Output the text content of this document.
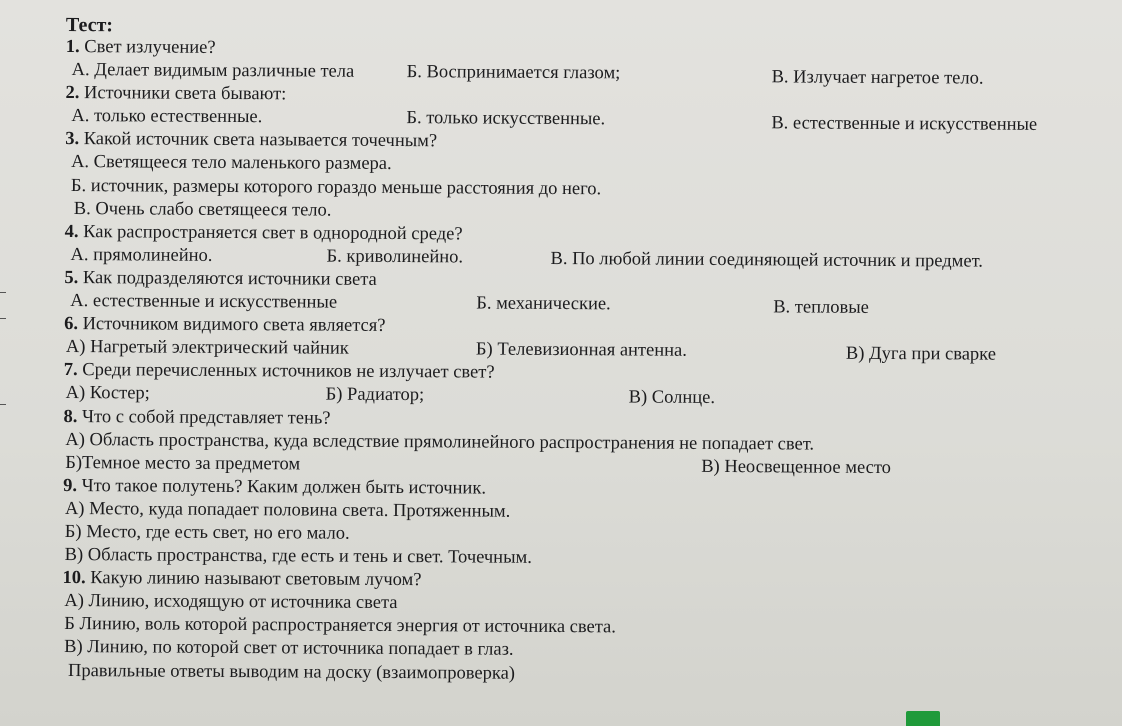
Тест:
1. Свет излучение?
А. Делает видимым различные тела	Б. Воспринимается глазом;	В. Излучает нагретое тело.
2. Источники света бывают:
А. только естественные.	Б. только искусственные.	В. естественные и искусственные
3. Какой источник света называется точечным?
А. Светящееся тело маленького размера.
Б. источник, размеры которого гораздо меньше расстояния до него.
В. Очень слабо светящееся тело.
4. Как распространяется свет в однородной среде?
А. прямолинейно.	Б. криволинейно.	В. По любой линии соединяющей источник и предмет.
5. Как подразделяются источники света
А. естественные и искусственные	Б. механические.	В. тепловые
6. Источником видимого света является?
А) Нагретый электрический чайник	Б) Телевизионная антенна.	В) Дуга при сварке
7. Среди перечисленных источников не излучает свет?
А) Костер;	Б) Радиатор;	В) Солнце.
8. Что с собой представляет тень?
А) Область пространства, куда вследствие прямолинейного распространения не попадает свет.
Б)Темное место за предметом	В) Неосвещенное место
9. Что такое полутень? Каким должен быть источник.
А) Место, куда попадает половина света. Протяженным.
Б) Место, где есть свет, но его мало.
В) Область пространства, где есть и тень и свет. Точечным.
10. Какую линию называют световым лучом?
А) Линию, исходящую от источника света
Б Линию, воль которой распространяется энергия от источника света.
В) Линию, по которой свет от источника попадает в глаз.
Правильные ответы выводим на доску (взаимопроверка)
